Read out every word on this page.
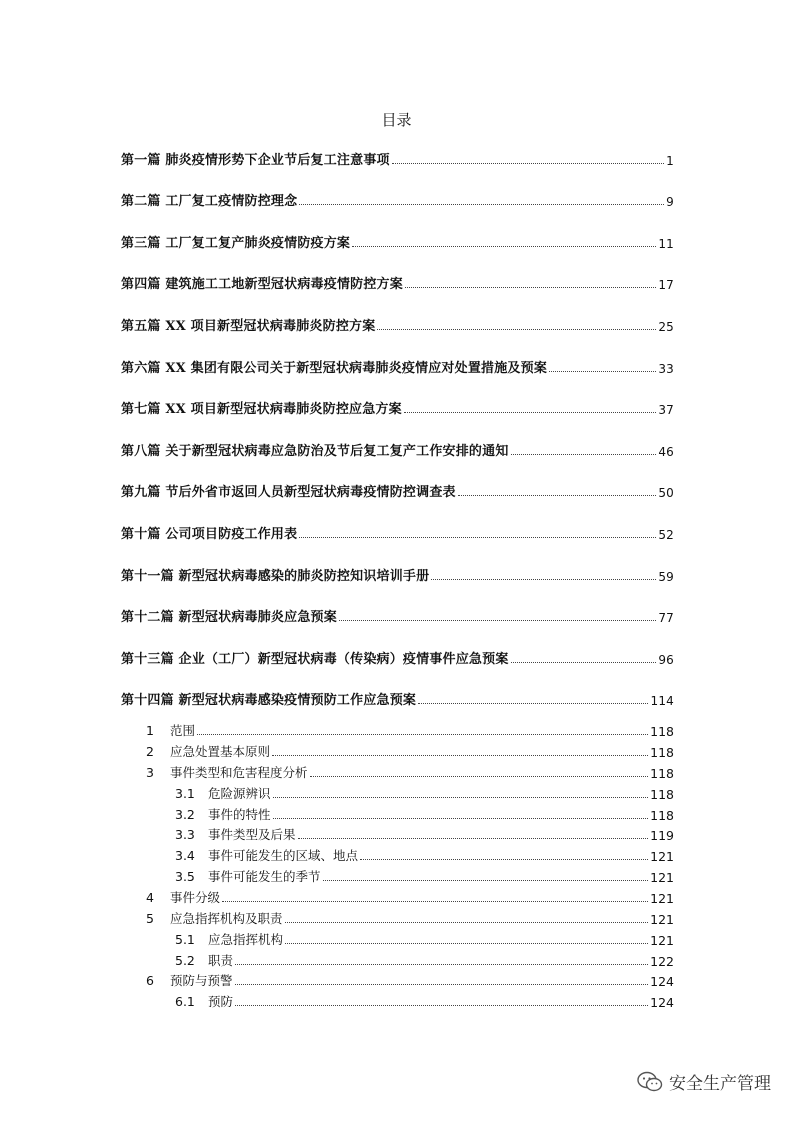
目录
第一篇 肺炎疫情形势下企业节后复工注意事项	1
第二篇 工厂复工疫情防控理念	9
第三篇 工厂复工复产肺炎疫情防疫方案	11
第四篇 建筑施工工地新型冠状病毒疫情防控方案	17
第五篇 XX 项目新型冠状病毒肺炎防控方案	25
第六篇 XX 集团有限公司关于新型冠状病毒肺炎疫情应对处置措施及预案	33
第七篇 XX 项目新型冠状病毒肺炎防控应急方案	37
第八篇 关于新型冠状病毒应急防治及节后复工复产工作安排的通知	46
第九篇 节后外省市返回人员新型冠状病毒疫情防控调查表	50
第十篇 公司项目防疫工作用表	52
第十一篇 新型冠状病毒感染的肺炎防控知识培训手册	59
第十二篇 新型冠状病毒肺炎应急预案	77
第十三篇 企业（工厂）新型冠状病毒（传染病）疫情事件应急预案	96
第十四篇 新型冠状病毒感染疫情预防工作应急预案	114
1 范围	118
2 应急处置基本原则	118
3 事件类型和危害程度分析	118
3.1 危险源辨识	118
3.2 事件的特性	118
3.3 事件类型及后果	119
3.4 事件可能发生的区域、地点	121
3.5 事件可能发生的季节	121
4 事件分级	121
5 应急指挥机构及职责	121
5.1 应急指挥机构	121
5.2 职责	122
6 预防与预警	124
6.1 预防	124
安全生产管理
